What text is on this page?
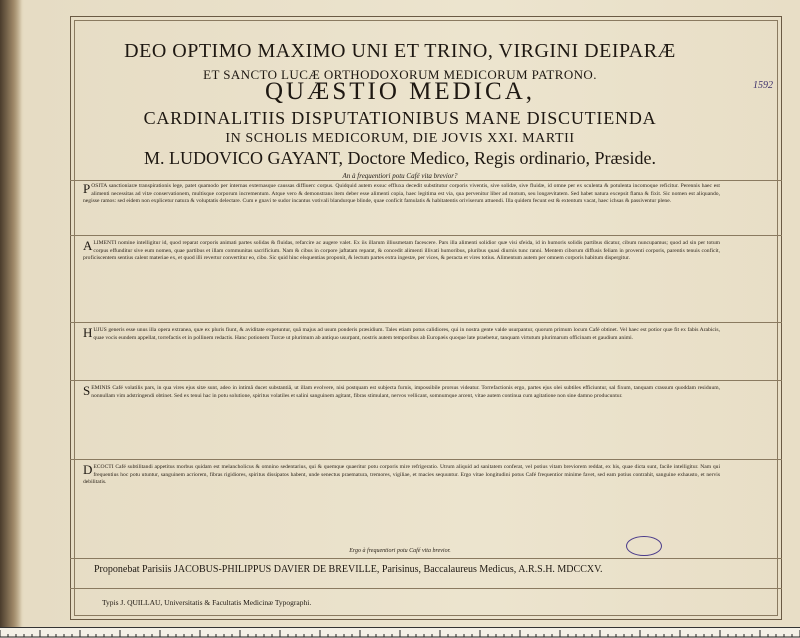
1592
DEO OPTIMO MAXIMO UNI ET TRINO, VIRGINI DEIPARÆ
ET SANCTO LUCÆ ORTHODOXORUM MEDICORUM PATRONO.
QUÆSTIO MEDICA,
CARDINALITIIS DISPUTATIONIBUS MANE DISCUTIENDA
IN SCHOLIS MEDICORUM, DIE JOVIS XXI. MARTII
M. LUDOVICO GAYANT, Doctore Medico, Regis ordinario, Præside.
An à frequentiori potu Café vita brevior?
P OSITA sanctioniaræ transpirationis lege, patet quamodo per internas externasque caussas diffiuerc corpus. Quidquid autem exsuc effluxa decedit substitutur corporis viventis, sive solidæ, sive fluidæ, id omne per ex sculenta & potulenta incomoque reficitur. Perennis haec est alimenti necessitas ad vitæ conservationem, multisque corporum incrementum. Atque vero & demonstrans item deber esse alimenti copia, haec legitima est via, qua pervenitur liber ad motum, seu longævitatem. Sed habet natura excepsit flama & fixit. Sic nomen est aliquando, negisse ramos: sed eidem non explicetur natura & voluptatis delectare. Cum e gnavi te sudor incantus votivali blandurque blinde, quae conficit famulatis & habitatentis oriviserum attuendi. Illa quidem fecunt est & extentum vacat, haec ichsas & passiventur plene.
A LIMENTI nomine intelligitur id, quod reparat corporis animati partes solidas & fluidas, refarcire ac augere valet. Ex iis illarum illiusmetam facescere. Pars illa alimenti solidior quæ visi sfeida, id in humoris solidis partibus dicatur, cibum nuncupamus; quod ad sin per totum corpus effunditur sive eum nomen, quae partibus et illam communitas sacrificium. Nam & cibus in corpore jaftatam reparat, & concedit alimenti illivati humoribus, pluribus quasi diurnis tunc ranni. Mentem ciborum diffusis feliam in proventi corporis, parentis tenuis conficit, proficiscentem sentius calent materiae ex, et quod illi revertur convertitur eo, cibo. Sic quid hinc elsquentias proponit, & lectum partes extra ingestæ, per vices, & peracta et vires totius. Alimentum autem per omnem corporis habitum dispergitur.
H UJUS generis esse unus illa opera extranea, quæ ex pluris fiunt, & aviditate expetuntur, quâ majus ad usum ponderis præsidium. Tales etiam potus calidiores, qui in nostra gente valde usurpantur, quorum primum locum Café obtinet. Vel haec est potior quæ fit ex fabis Arabicis, quae vocis eundem appellat, torrefactis et in pollinem redactis. Hanc potionem Turcæ ut plurimum ab antiquo usurpant, nostris autem temporibus ab Europæis quoque late praebetur, tanquam virtutum plurimarum officinam et gaudium animi.
S EMINIS Café volatilis pars, in qua vires ejus sitæ sunt, adeo in intimâ ducet substantiâ, ut illam evolvere, nisi postquam est subjecta furnis, impossibile prorsus videatur. Torrefactionis ergo, partes ejus olei subtiles efficiuntur, sal fixum, tanquam crassum quoddam residuum, nonnullam vim adstringendi obtinet. Sed ex tenui hac in potu solutione, spiritus volatiles et salini sanguinem agitant, fibras stimulant, nervos vellicant, somnumque arcent, vitae autem continua cum agitatione non sine damno producuntur.
D ECOCTI Café subtilitandi appetitus morbus quidam est melancholicus & omnino sedentarius, qui & quemque quaeritur potu corporis mire refrigeratio. Utrum aliquid ad sanitatem conferat, vel potius vitam breviorem reddat, ex his, quae dicta sunt, facile intelligitur. Nam qui frequentius hoc potu utuntur, sanguinem acriorem, fibras rigidiores, spiritus dissipatos habent, unde senectus praematura, tremores, vigiliae, et macies sequuntur. Ergo vitae longitudini potus Café frequentior minime favet, sed eam potius contrahit, sanguine exhausto, et nervis debilitatis.
Ergo à frequentiori potu Café vita brevior.
Proponebat Parisiis JACOBUS-PHILIPPUS DAVIER DE BREVILLE, Parisinus, Baccalaureus Medicus, A.R.S.H. MDCCXV.
Typis J. QUILLAU, Universitatis & Facultatis Medicinæ Typographi.
